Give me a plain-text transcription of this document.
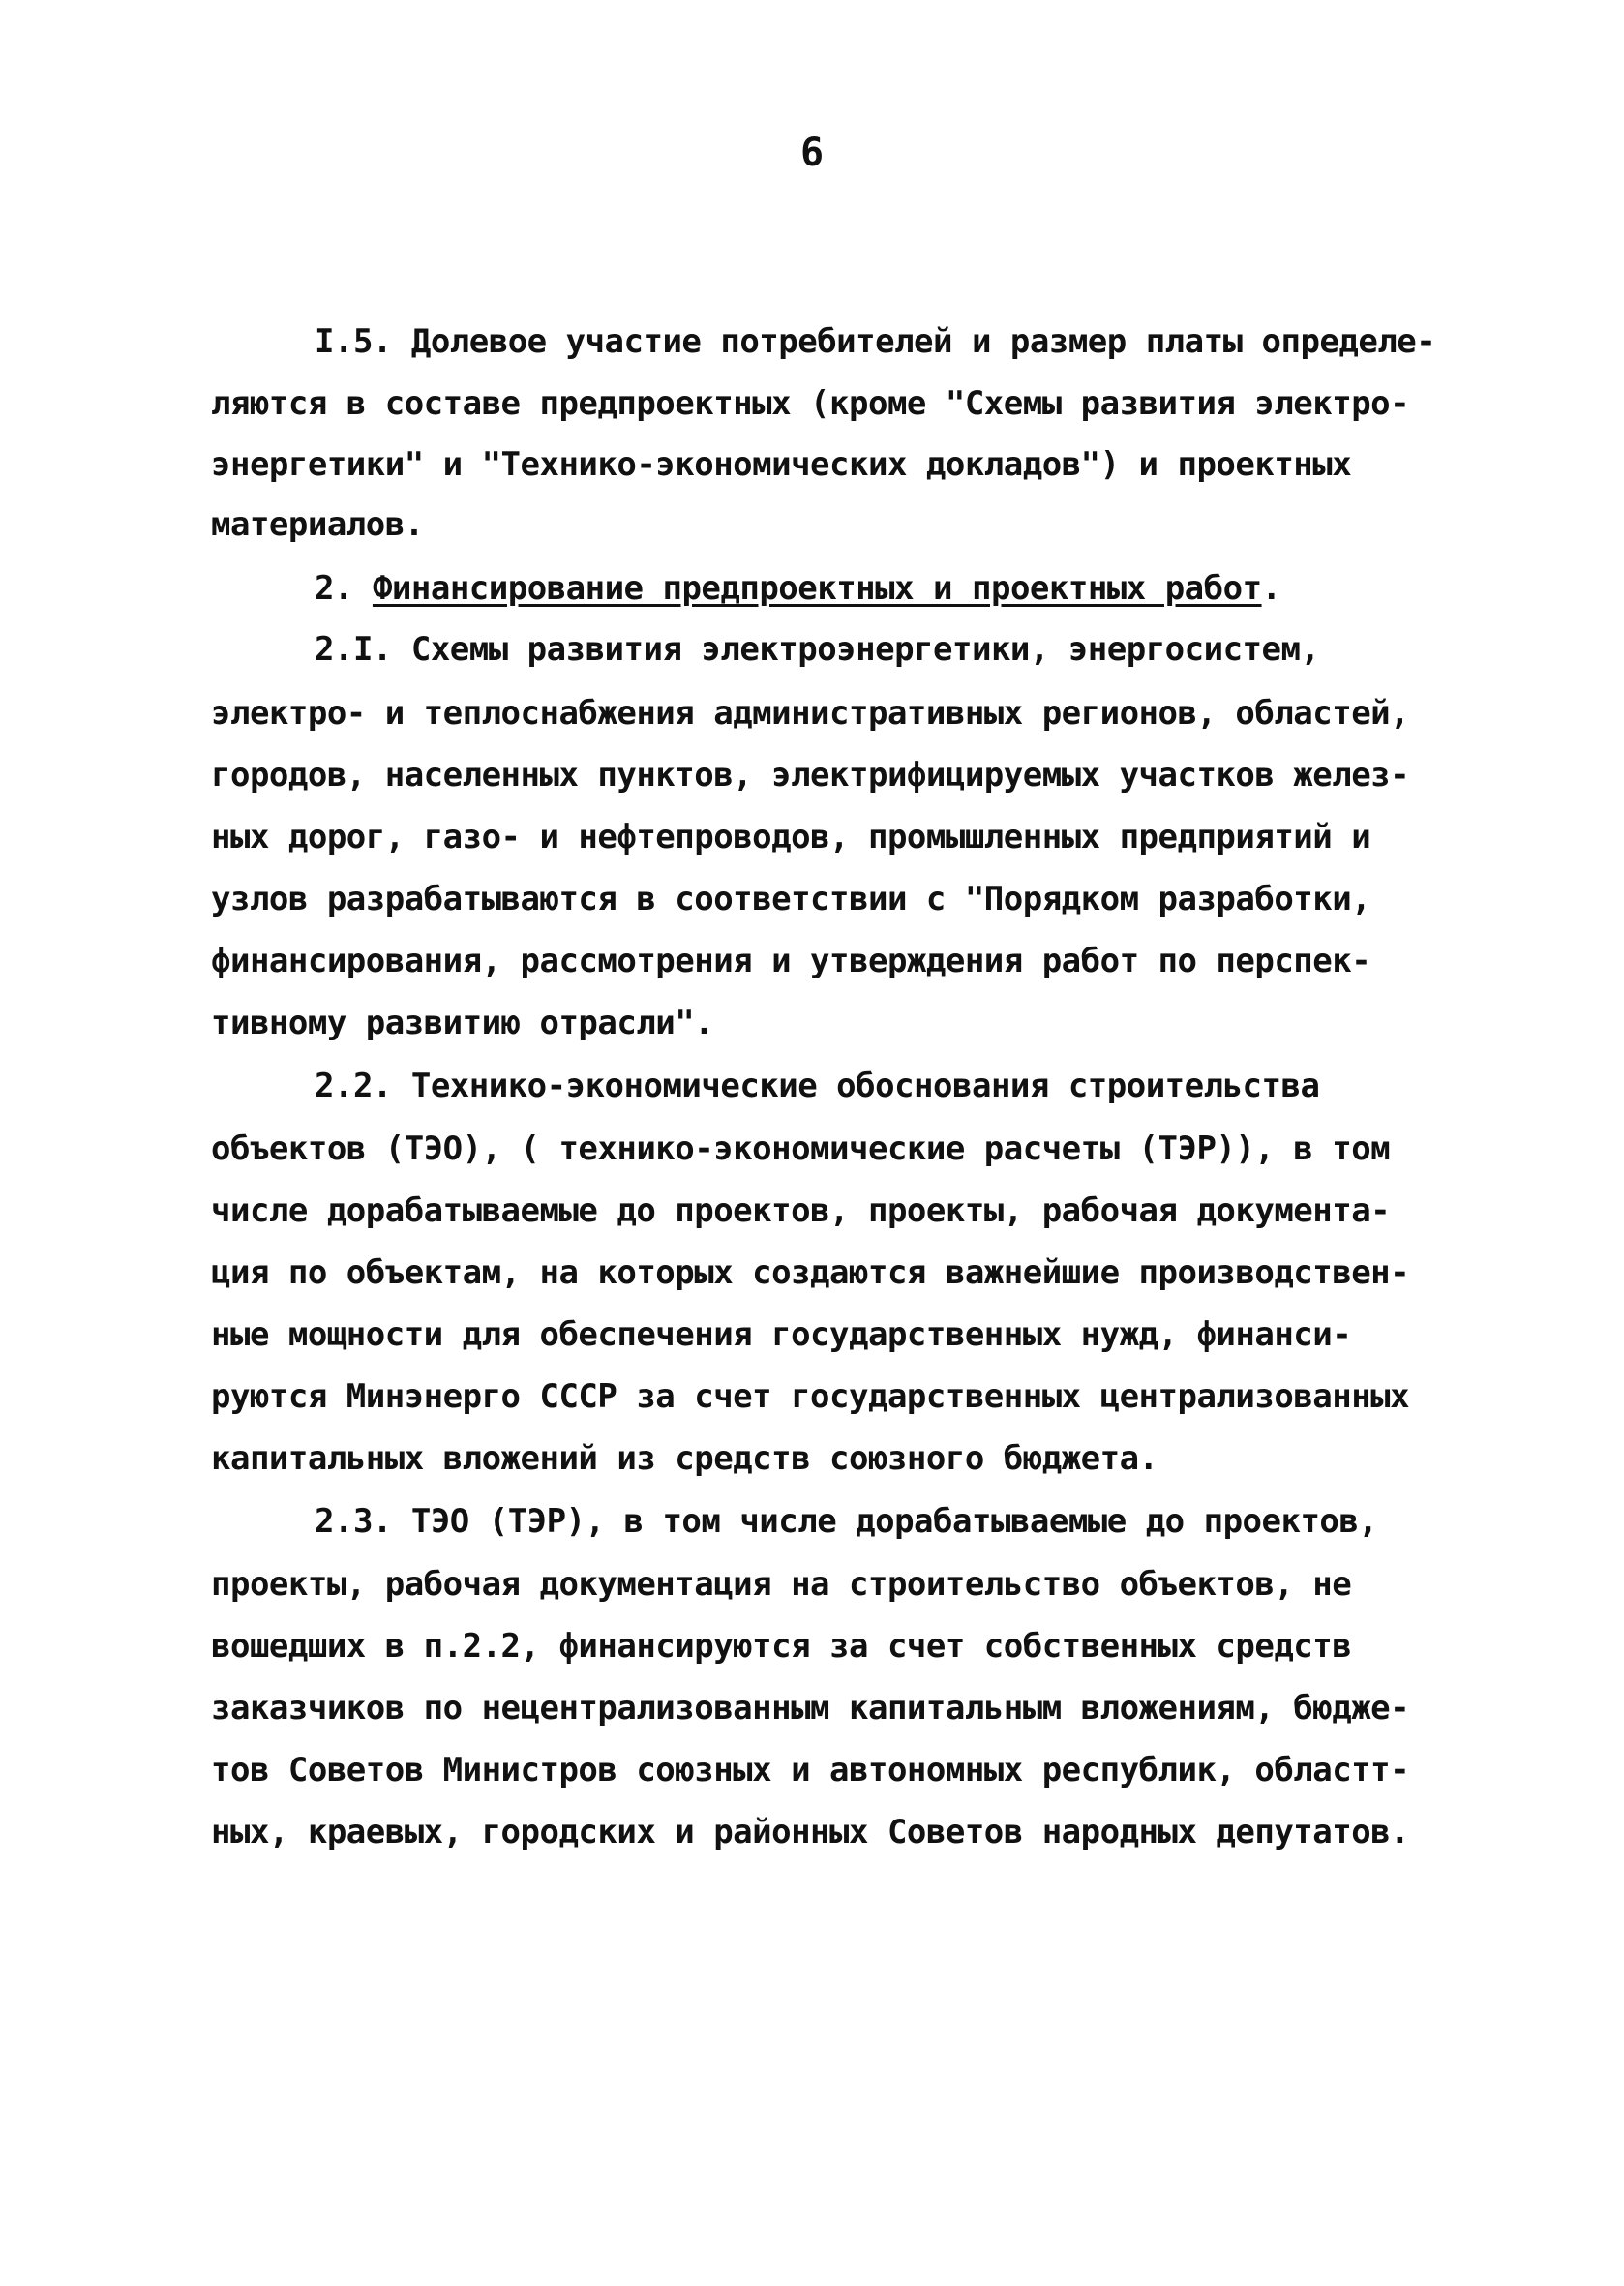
6
I.5. Долевое участие потребителей и размер платы определе-
ляются в составе предпроектных (кроме "Схемы развития электро-
энергетики" и "Технико-экономических докладов") и проектных
материалов.
2. Финансирование предпроектных и проектных работ.
2.I. Схемы развития электроэнергетики, энергосистем,
электро- и теплоснабжения административных регионов, областей,
городов, населенных пунктов, электрифицируемых участков желез-
ных дорог, газо- и нефтепроводов, промышленных предприятий и
узлов разрабатываются в соответствии с "Порядком разработки,
финансирования, рассмотрения и утверждения работ по перспек-
тивному развитию отрасли".
2.2. Технико-экономические обоснования строительства
объектов (ТЭО), ( технико-экономические расчеты (ТЭР)), в том
числе дорабатываемые до проектов, проекты, рабочая документа-
ция по объектам, на которых создаются важнейшие производствен-
ные мощности для обеспечения государственных нужд, финанси-
руются Минэнерго СССР за счет государственных централизованных
капитальных вложений из средств союзного бюджета.
2.3. ТЭО (ТЭР), в том числе дорабатываемые до проектов,
проекты, рабочая документация на строительство объектов, не
вошедших в п.2.2, финансируются за счет собственных средств
заказчиков по нецентрализованным капитальным вложениям, бюдже-
тов Советов Министров союзных и автономных республик, областт-
ных, краевых, городских и районных Советов народных депутатов.
